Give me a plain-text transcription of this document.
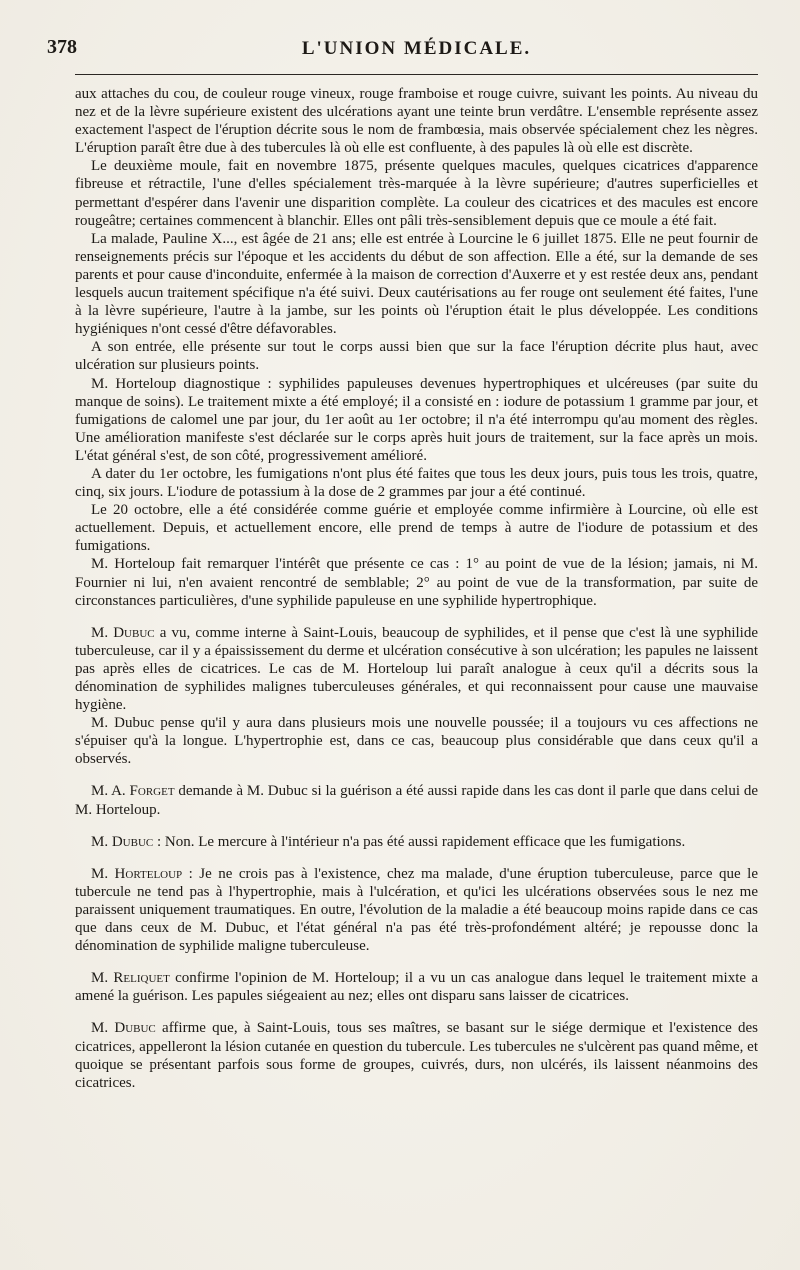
378	L'UNION MÉDICALE.

aux attaches du cou, de couleur rouge vineux, rouge framboise et rouge cuivre, suivant les points. Au niveau du nez et de la lèvre supérieure existent des ulcérations ayant une teinte brun verdâtre. L'ensemble représente assez exactement l'aspect de l'éruption décrite sous le nom de frambœsia, mais observée spécialement chez les nègres. L'éruption paraît être due à des tubercules là où elle est confluente, à des papules là où elle est discrète.

Le deuxième moule, fait en novembre 1875, présente quelques macules, quelques cicatrices d'apparence fibreuse et rétractile, l'une d'elles spécialement très-marquée à la lèvre supérieure; d'autres superficielles et permettant d'espérer dans l'avenir une disparition complète. La couleur des cicatrices et des macules est encore rougeâtre; certaines commencent à blanchir. Elles ont pâli très-sensiblement depuis que ce moule a été fait.

La malade, Pauline X..., est âgée de 21 ans; elle est entrée à Lourcine le 6 juillet 1875. Elle ne peut fournir de renseignements précis sur l'époque et les accidents du début de son affection. Elle a été, sur la demande de ses parents et pour cause d'inconduite, enfermée à la maison de correction d'Auxerre et y est restée deux ans, pendant lesquels aucun traitement spécifique n'a été suivi. Deux cautérisations au fer rouge ont seulement été faites, l'une à la lèvre supérieure, l'autre à la jambe, sur les points où l'éruption était le plus développée. Les conditions hygiéniques n'ont cessé d'être défavorables.

A son entrée, elle présente sur tout le corps aussi bien que sur la face l'éruption décrite plus haut, avec ulcération sur plusieurs points.

M. Horteloup diagnostique : syphilides papuleuses devenues hypertrophiques et ulcéreuses (par suite du manque de soins). Le traitement mixte a été employé; il a consisté en : iodure de potassium 1 gramme par jour, et fumigations de calomel une par jour, du 1er août au 1er octobre; il n'a été interrompu qu'au moment des règles. Une amélioration manifeste s'est déclarée sur le corps après huit jours de traitement, sur la face après un mois. L'état général s'est, de son côté, progressivement amélioré.

A dater du 1er octobre, les fumigations n'ont plus été faites que tous les deux jours, puis tous les trois, quatre, cinq, six jours. L'iodure de potassium à la dose de 2 grammes par jour a été continué.

Le 20 octobre, elle a été considérée comme guérie et employée comme infirmière à Lourcine, où elle est actuellement. Depuis, et actuellement encore, elle prend de temps à autre de l'iodure de potassium et des fumigations.

M. Horteloup fait remarquer l'intérêt que présente ce cas : 1° au point de vue de la lésion; jamais, ni M. Fournier ni lui, n'en avaient rencontré de semblable; 2° au point de vue de la transformation, par suite de circonstances particulières, d'une syphilide papuleuse en une syphilide hypertrophique.

M. Dubuc a vu, comme interne à Saint-Louis, beaucoup de syphilides, et il pense que c'est là une syphilide tuberculeuse, car il y a épaississement du derme et ulcération consécutive à son ulcération; les papules ne laissent pas après elles de cicatrices. Le cas de M. Horteloup lui paraît analogue à ceux qu'il a décrits sous la dénomination de syphilides malignes tuberculeuses générales, et qui reconnaissent pour cause une mauvaise hygiène.

M. Dubuc pense qu'il y aura dans plusieurs mois une nouvelle poussée; il a toujours vu ces affections ne s'épuiser qu'à la longue. L'hypertrophie est, dans ce cas, beaucoup plus considérable que dans ceux qu'il a observés.

M. A. Forget demande à M. Dubuc si la guérison a été aussi rapide dans les cas dont il parle que dans celui de M. Horteloup.

M. Dubuc : Non. Le mercure à l'intérieur n'a pas été aussi rapidement efficace que les fumigations.

M. Horteloup : Je ne crois pas à l'existence, chez ma malade, d'une éruption tuberculeuse, parce que le tubercule ne tend pas à l'hypertrophie, mais à l'ulcération, et qu'ici les ulcérations observées sous le nez me paraissent uniquement traumatiques. En outre, l'évolution de la maladie a été beaucoup moins rapide dans ce cas que dans ceux de M. Dubuc, et l'état général n'a pas été très-profondément altéré; je repousse donc la dénomination de syphilide maligne tuberculeuse.

M. Reliquet confirme l'opinion de M. Horteloup; il a vu un cas analogue dans lequel le traitement mixte a amené la guérison. Les papules siégeaient au nez; elles ont disparu sans laisser de cicatrices.

M. Dubuc affirme que, à Saint-Louis, tous ses maîtres, se basant sur le siége dermique et l'existence des cicatrices, appelleront la lésion cutanée en question du tubercule. Les tubercules ne s'ulcèrent pas quand même, et quoique se présentant parfois sous forme de groupes, cuivrés, durs, non ulcérés, ils laissent néanmoins des cicatrices.
